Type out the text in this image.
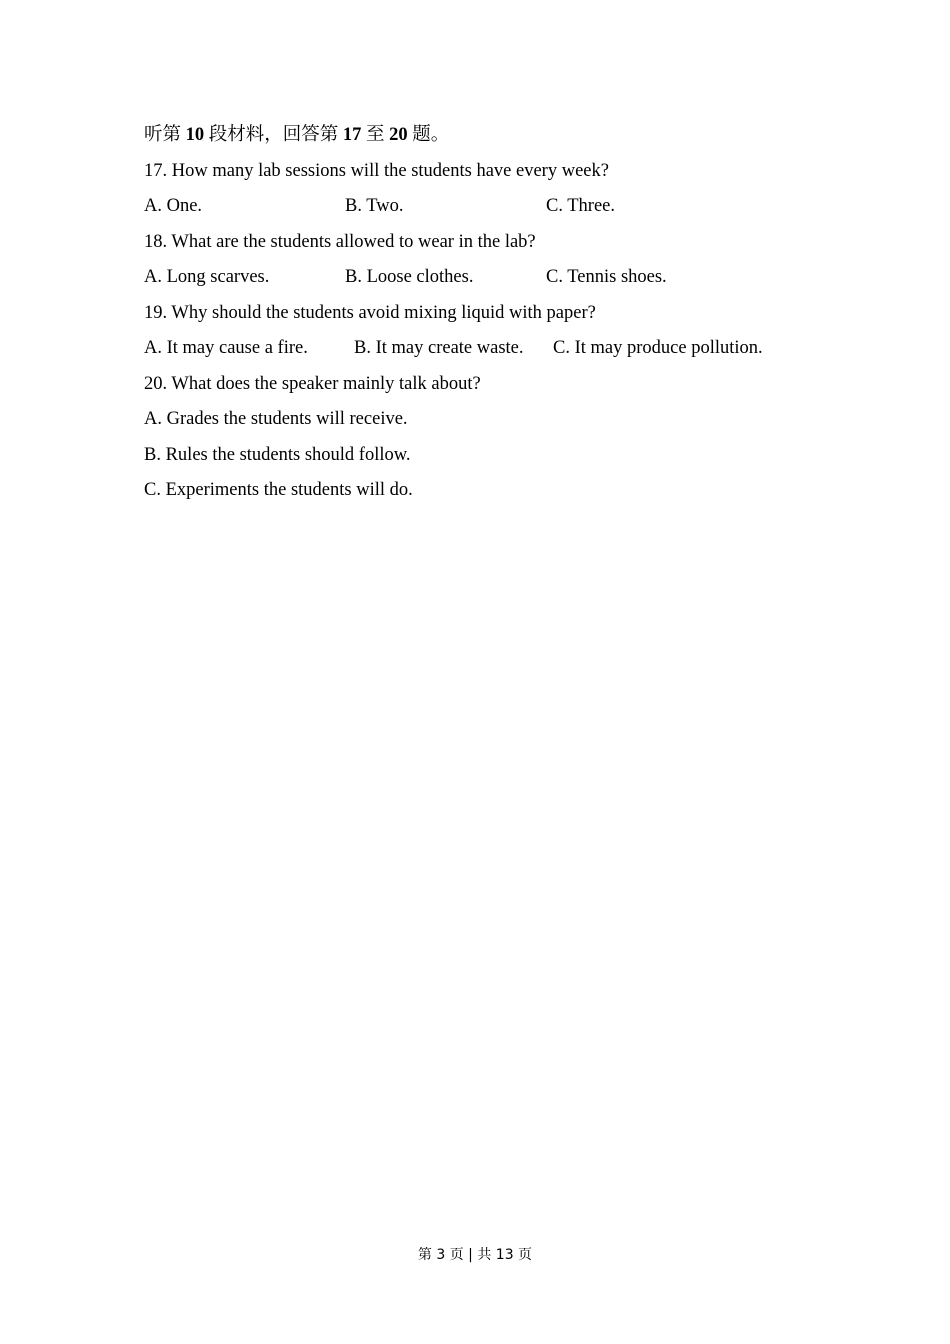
听第 10 段材料，回答第 17 至 20 题。
17. How many lab sessions will the students have every week?
A. One.	B. Two.	C. Three.
18. What are the students allowed to wear in the lab?
A. Long scarves.	B. Loose clothes.	C. Tennis shoes.
19. Why should the students avoid mixing liquid with paper?
A. It may cause a fire. B. It may create waste. C. It may produce pollution.
20. What does the speaker mainly talk about?
A. Grades the students will receive.
B. Rules the students should follow.
C. Experiments the students will do.
第 3 页 | 共 13 页
